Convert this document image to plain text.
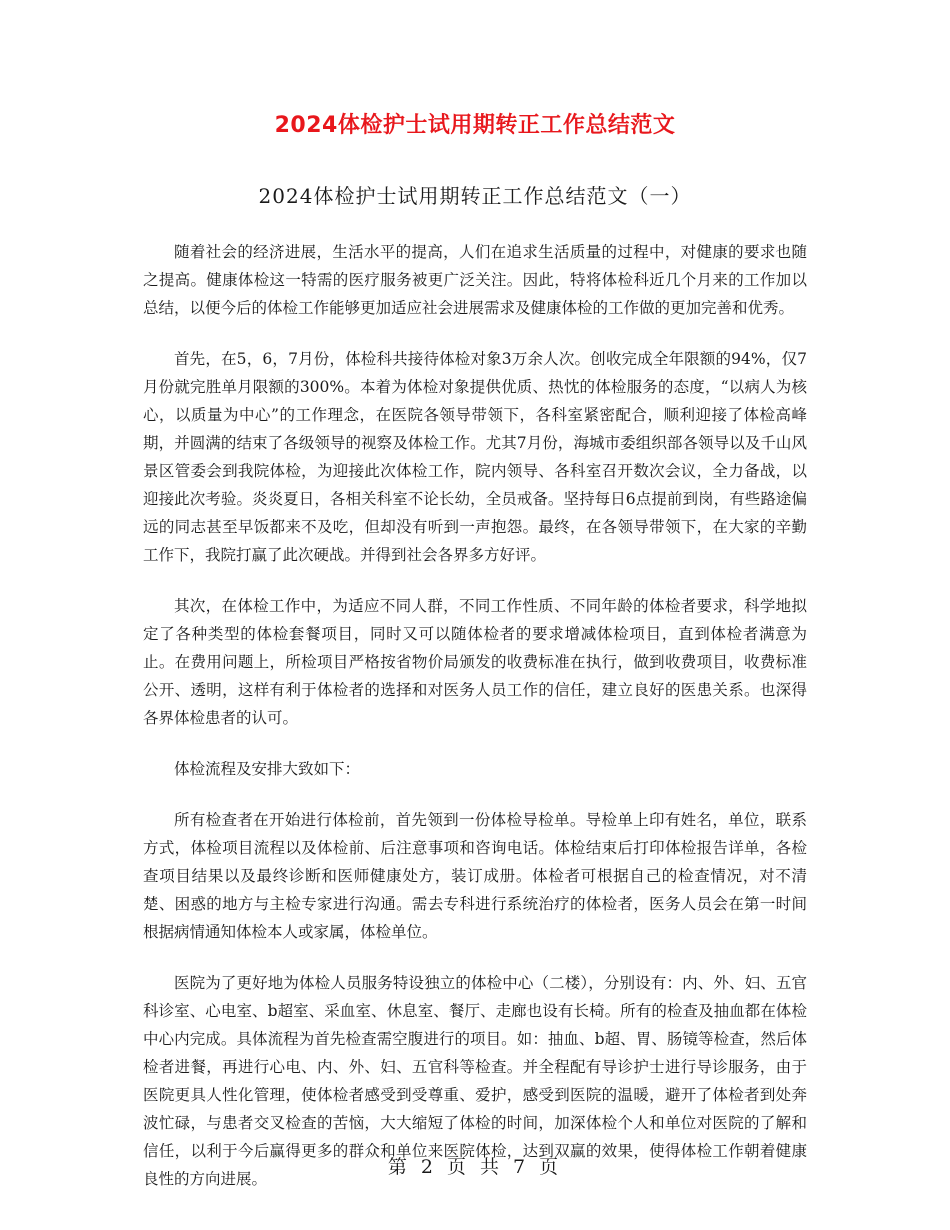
2024体检护士试用期转正工作总结范文
2024体检护士试用期转正工作总结范文（一）

随着社会的经济进展，生活水平的提高，人们在追求生活质量的过程中，对健康的要求也随之提高。健康体检这一特需的医疗服务被更广泛关注。因此，特将体检科近几个月来的工作加以总结，以便今后的体检工作能够更加适应社会进展需求及健康体检的工作做的更加完善和优秀。

首先，在5，6，7月份，体检科共接待体检对象3万余人次。创收完成全年限额的94%，仅7月份就完胜单月限额的300%。本着为体检对象提供优质、热忱的体检服务的态度，“以病人为核心，以质量为中心”的工作理念，在医院各领导带领下，各科室紧密配合，顺利迎接了体检高峰期，并圆满的结束了各级领导的视察及体检工作。尤其7月份，海城市委组织部各领导以及千山风景区管委会到我院体检，为迎接此次体检工作，院内领导、各科室召开数次会议，全力备战，以迎接此次考验。炎炎夏日，各相关科室不论长幼，全员戒备。坚持每日6点提前到岗，有些路途偏远的同志甚至早饭都来不及吃，但却没有听到一声抱怨。最终，在各领导带领下，在大家的辛勤工作下，我院打赢了此次硬战。并得到社会各界多方好评。

其次，在体检工作中，为适应不同人群，不同工作性质、不同年龄的体检者要求，科学地拟定了各种类型的体检套餐项目，同时又可以随体检者的要求增减体检项目，直到体检者满意为止。在费用问题上，所检项目严格按省物价局颁发的收费标准在执行，做到收费项目，收费标准公开、透明，这样有利于体检者的选择和对医务人员工作的信任，建立良好的医患关系。也深得各界体检患者的认可。

体检流程及安排大致如下：

所有检查者在开始进行体检前，首先领到一份体检导检单。导检单上印有姓名，单位，联系方式，体检项目流程以及体检前、后注意事项和咨询电话。体检结束后打印体检报告详单，各检查项目结果以及最终诊断和医师健康处方，装订成册。体检者可根据自己的检查情况，对不清楚、困惑的地方与主检专家进行沟通。需去专科进行系统治疗的体检者，医务人员会在第一时间根据病情通知体检本人或家属，体检单位。

医院为了更好地为体检人员服务特设独立的体检中心（二楼），分别设有：内、外、妇、五官科诊室、心电室、b超室、采血室、休息室、餐厅、走廊也设有长椅。所有的检查及抽血都在体检中心内完成。具体流程为首先检查需空腹进行的项目。如：抽血、b超、胃、肠镜等检查，然后体检者进餐，再进行心电、内、外、妇、五官科等检查。并全程配有导诊护士进行导诊服务，由于医院更具人性化管理，使体检者感受到受尊重、爱护，感受到医院的温暖，避开了体检者到处奔波忙碌，与患者交叉检查的苦恼，大大缩短了体检的时间，加深体检个人和单位对医院的了解和信任，以利于今后赢得更多的群众和单位来医院体检，达到双赢的效果，使得体检工作朝着健康良性的方向进展。

第 2 页 共 7 页
